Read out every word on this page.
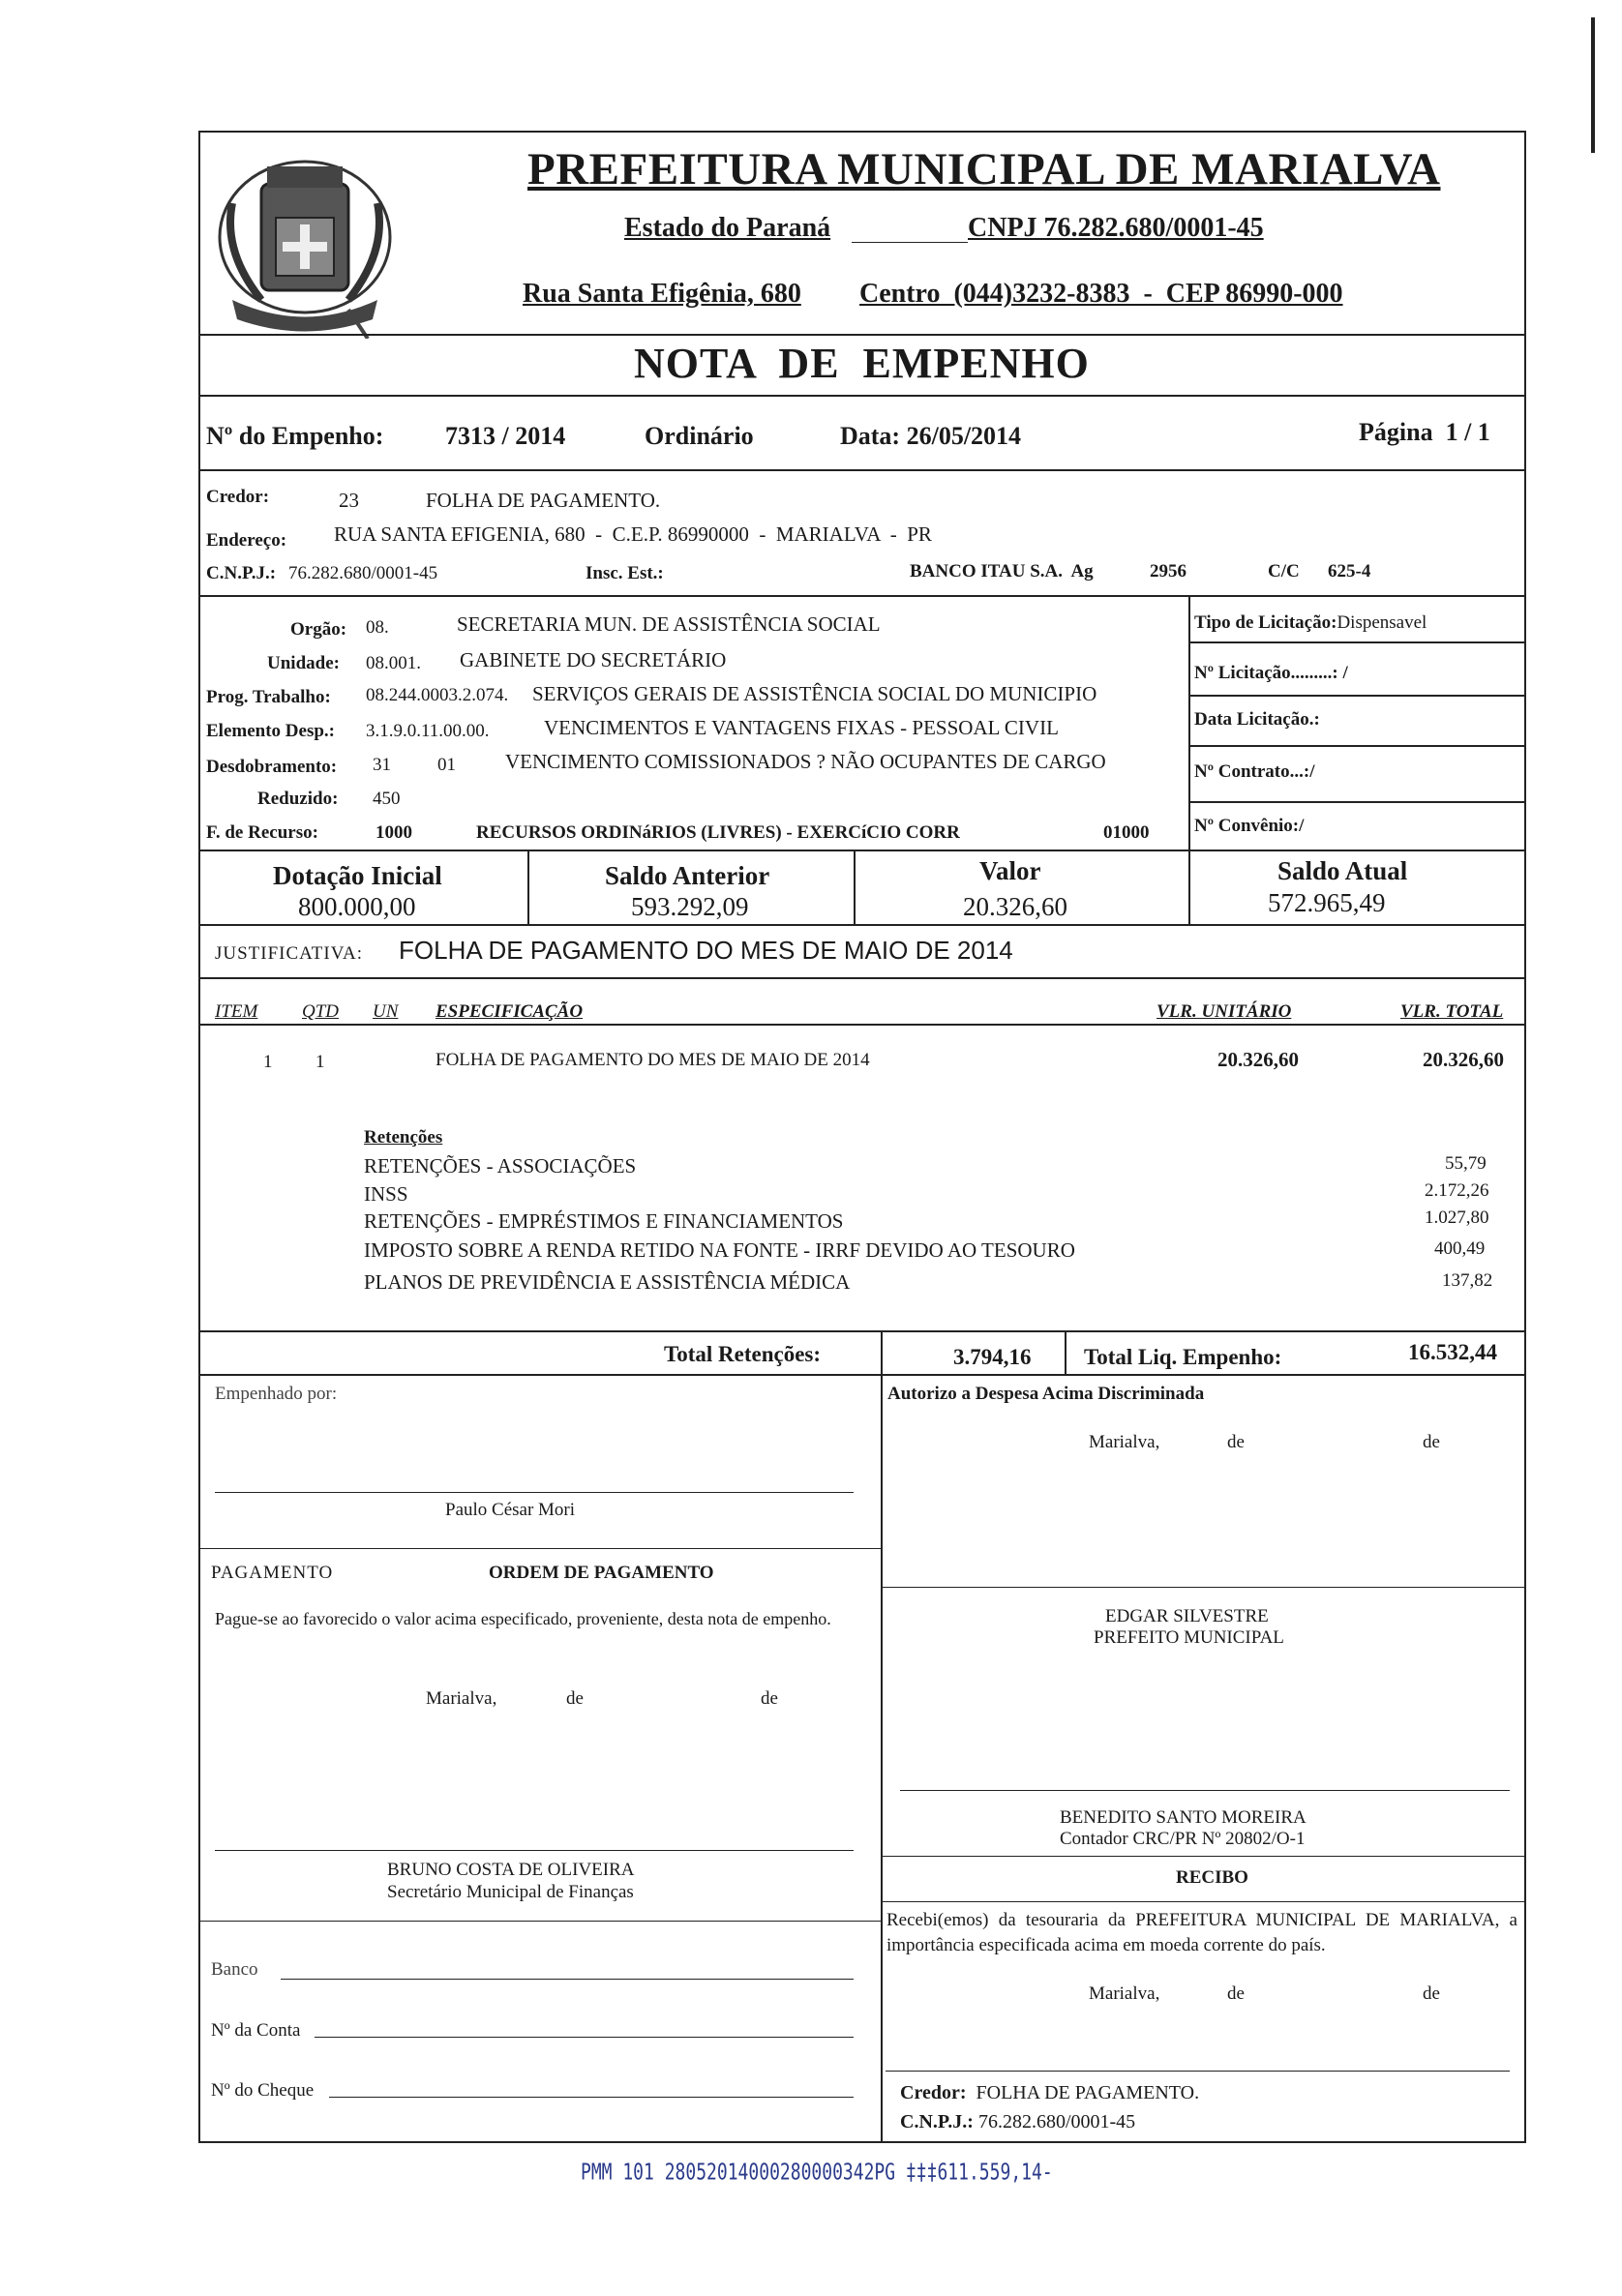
PREFEITURA MUNICIPAL DE MARIALVA
Estado do Paraná	CNPJ 76.282.680/0001-45
Rua Santa Efigênia, 680 Centro  (044)3232-8383  -  CEP 86990-000
NOTA  DE  EMPENHO
Nº do Empenho: 7313 / 2014	Ordinário	Data: 26/05/2014	Página  1 / 1
Credor:	23	FOLHA DE PAGAMENTO.
Endereço: RUA SANTA EFIGENIA, 680  -  C.E.P. 86990000  -  MARIALVA  -  PR
C.N.P.J.: 76.282.680/0001-45	Insc. Est.:	BANCO ITAU S.A.  Ag	2956	C/C 625-4
Orgão: 08.	SECRETARIA MUN. DE ASSISTÊNCIA SOCIAL
Unidade: 08.001. GABINETE DO SECRETÁRIO
Prog. Trabalho: 08.244.0003.2.074. SERVIÇOS GERAIS DE ASSISTÊNCIA SOCIAL DO MUNICIPIO
Elemento Desp.: 3.1.9.0.11.00.00.	VENCIMENTOS E VANTAGENS FIXAS - PESSOAL CIVIL
Desdobramento: 31	01 VENCIMENTO COMISSIONADOS ? NÃO OCUPANTES DE CARGO
Reduzido: 450
F. de Recurso:	1000	RECURSOS ORDINáRIOS (LIVRES) - EXERCíCIO CORR	01000
Tipo de Licitação:Dispensavel
Nº Licitação.........: /
Data Licitação.:
Nº Contrato...:/
Nº Convênio:/
Dotação Inicial
800.000,00
Saldo Anterior
593.292,09
Valor
20.326,60
Saldo Atual
572.965,49
JUSTIFICATIVA: FOLHA DE PAGAMENTO DO MES DE MAIO DE 2014
ITEM QTD UN ESPECIFICAÇÃO	VLR. UNITÁRIO	VLR. TOTAL
1 1	FOLHA DE PAGAMENTO DO MES DE MAIO DE 2014	20.326,60	20.326,60
Retenções
RETENÇÕES - ASSOCIAÇÕES	55,79
INSS	2.172,26
RETENÇÕES - EMPRÉSTIMOS E FINANCIAMENTOS	1.027,80
IMPOSTO SOBRE A RENDA RETIDO NA FONTE - IRRF DEVIDO AO TESOURO	400,49
PLANOS DE PREVIDÊNCIA E ASSISTÊNCIA MÉDICA	137,82
Total Retenções:	3.794,16 Total Liq. Empenho:	16.532,44
Empenhado por:
Paulo César Mori
Autorizo a Despesa Acima Discriminada
Marialva,	de	de
PAGAMENTO	ORDEM DE PAGAMENTO
Pague-se ao favorecido o valor acima especificado, proveniente, desta nota de empenho.	EDGAR SILVESTRE
PREFEITO MUNICIPAL
Marialva,	de	de
BENEDITO SANTO MOREIRA
Contador CRC/PR Nº 20802/O-1
BRUNO COSTA DE OLIVEIRA
Secretário Municipal de Finanças
RECIBO
Recebi(emos) da tesouraria da PREFEITURA MUNICIPAL DE MARIALVA, a importância especificada acima em moeda corrente do país.
Marialva,	de	de
Banco
Nº da Conta
Nº do Cheque	Credor: FOLHA DE PAGAMENTO.
C.N.P.J.: 76.282.680/0001-45
PMM 101 28052014000280000342PG ‡‡‡611.559,14-
